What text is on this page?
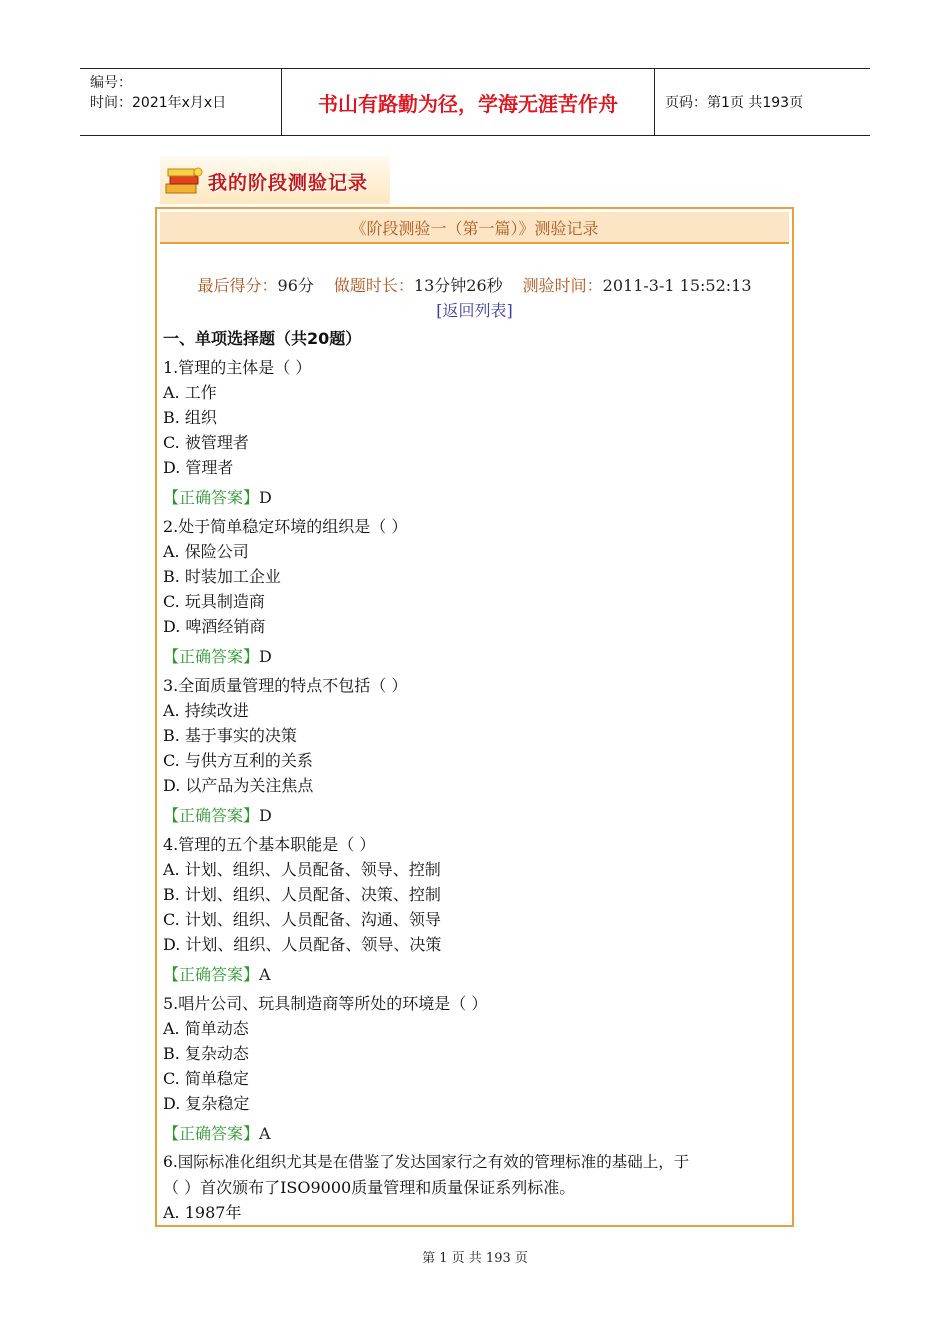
编号：
时间：2021年x月x日	书山有路勤为径，学海无涯苦作舟	页码：第1页 共193页
我的阶段测验记录
《阶段测验一（第一篇）》测验记录
最后得分：96分 做题时长：13分钟26秒 测验时间：2011-3-1 15:52:13
[返回列表]
一、单项选择题（共20题）
1.管理的主体是（ ）
A. 工作
B. 组织
C. 被管理者
D. 管理者
【正确答案】D
2.处于简单稳定环境的组织是（ ）
A. 保险公司
B. 时装加工企业
C. 玩具制造商
D. 啤酒经销商
【正确答案】D
3.全面质量管理的特点不包括（ ）
A. 持续改进
B. 基于事实的决策
C. 与供方互利的关系
D. 以产品为关注焦点
【正确答案】D
4.管理的五个基本职能是（ ）
A. 计划、组织、人员配备、领导、控制
B. 计划、组织、人员配备、决策、控制
C. 计划、组织、人员配备、沟通、领导
D. 计划、组织、人员配备、领导、决策
【正确答案】A
5.唱片公司、玩具制造商等所处的环境是（ ）
A. 简单动态
B. 复杂动态
C. 简单稳定
D. 复杂稳定
【正确答案】A
6.国际标准化组织尤其是在借鉴了发达国家行之有效的管理标准的基础上，于
（ ）首次颁布了ISO9000质量管理和质量保证系列标准。
A. 1987年
第 1 页 共 193 页
